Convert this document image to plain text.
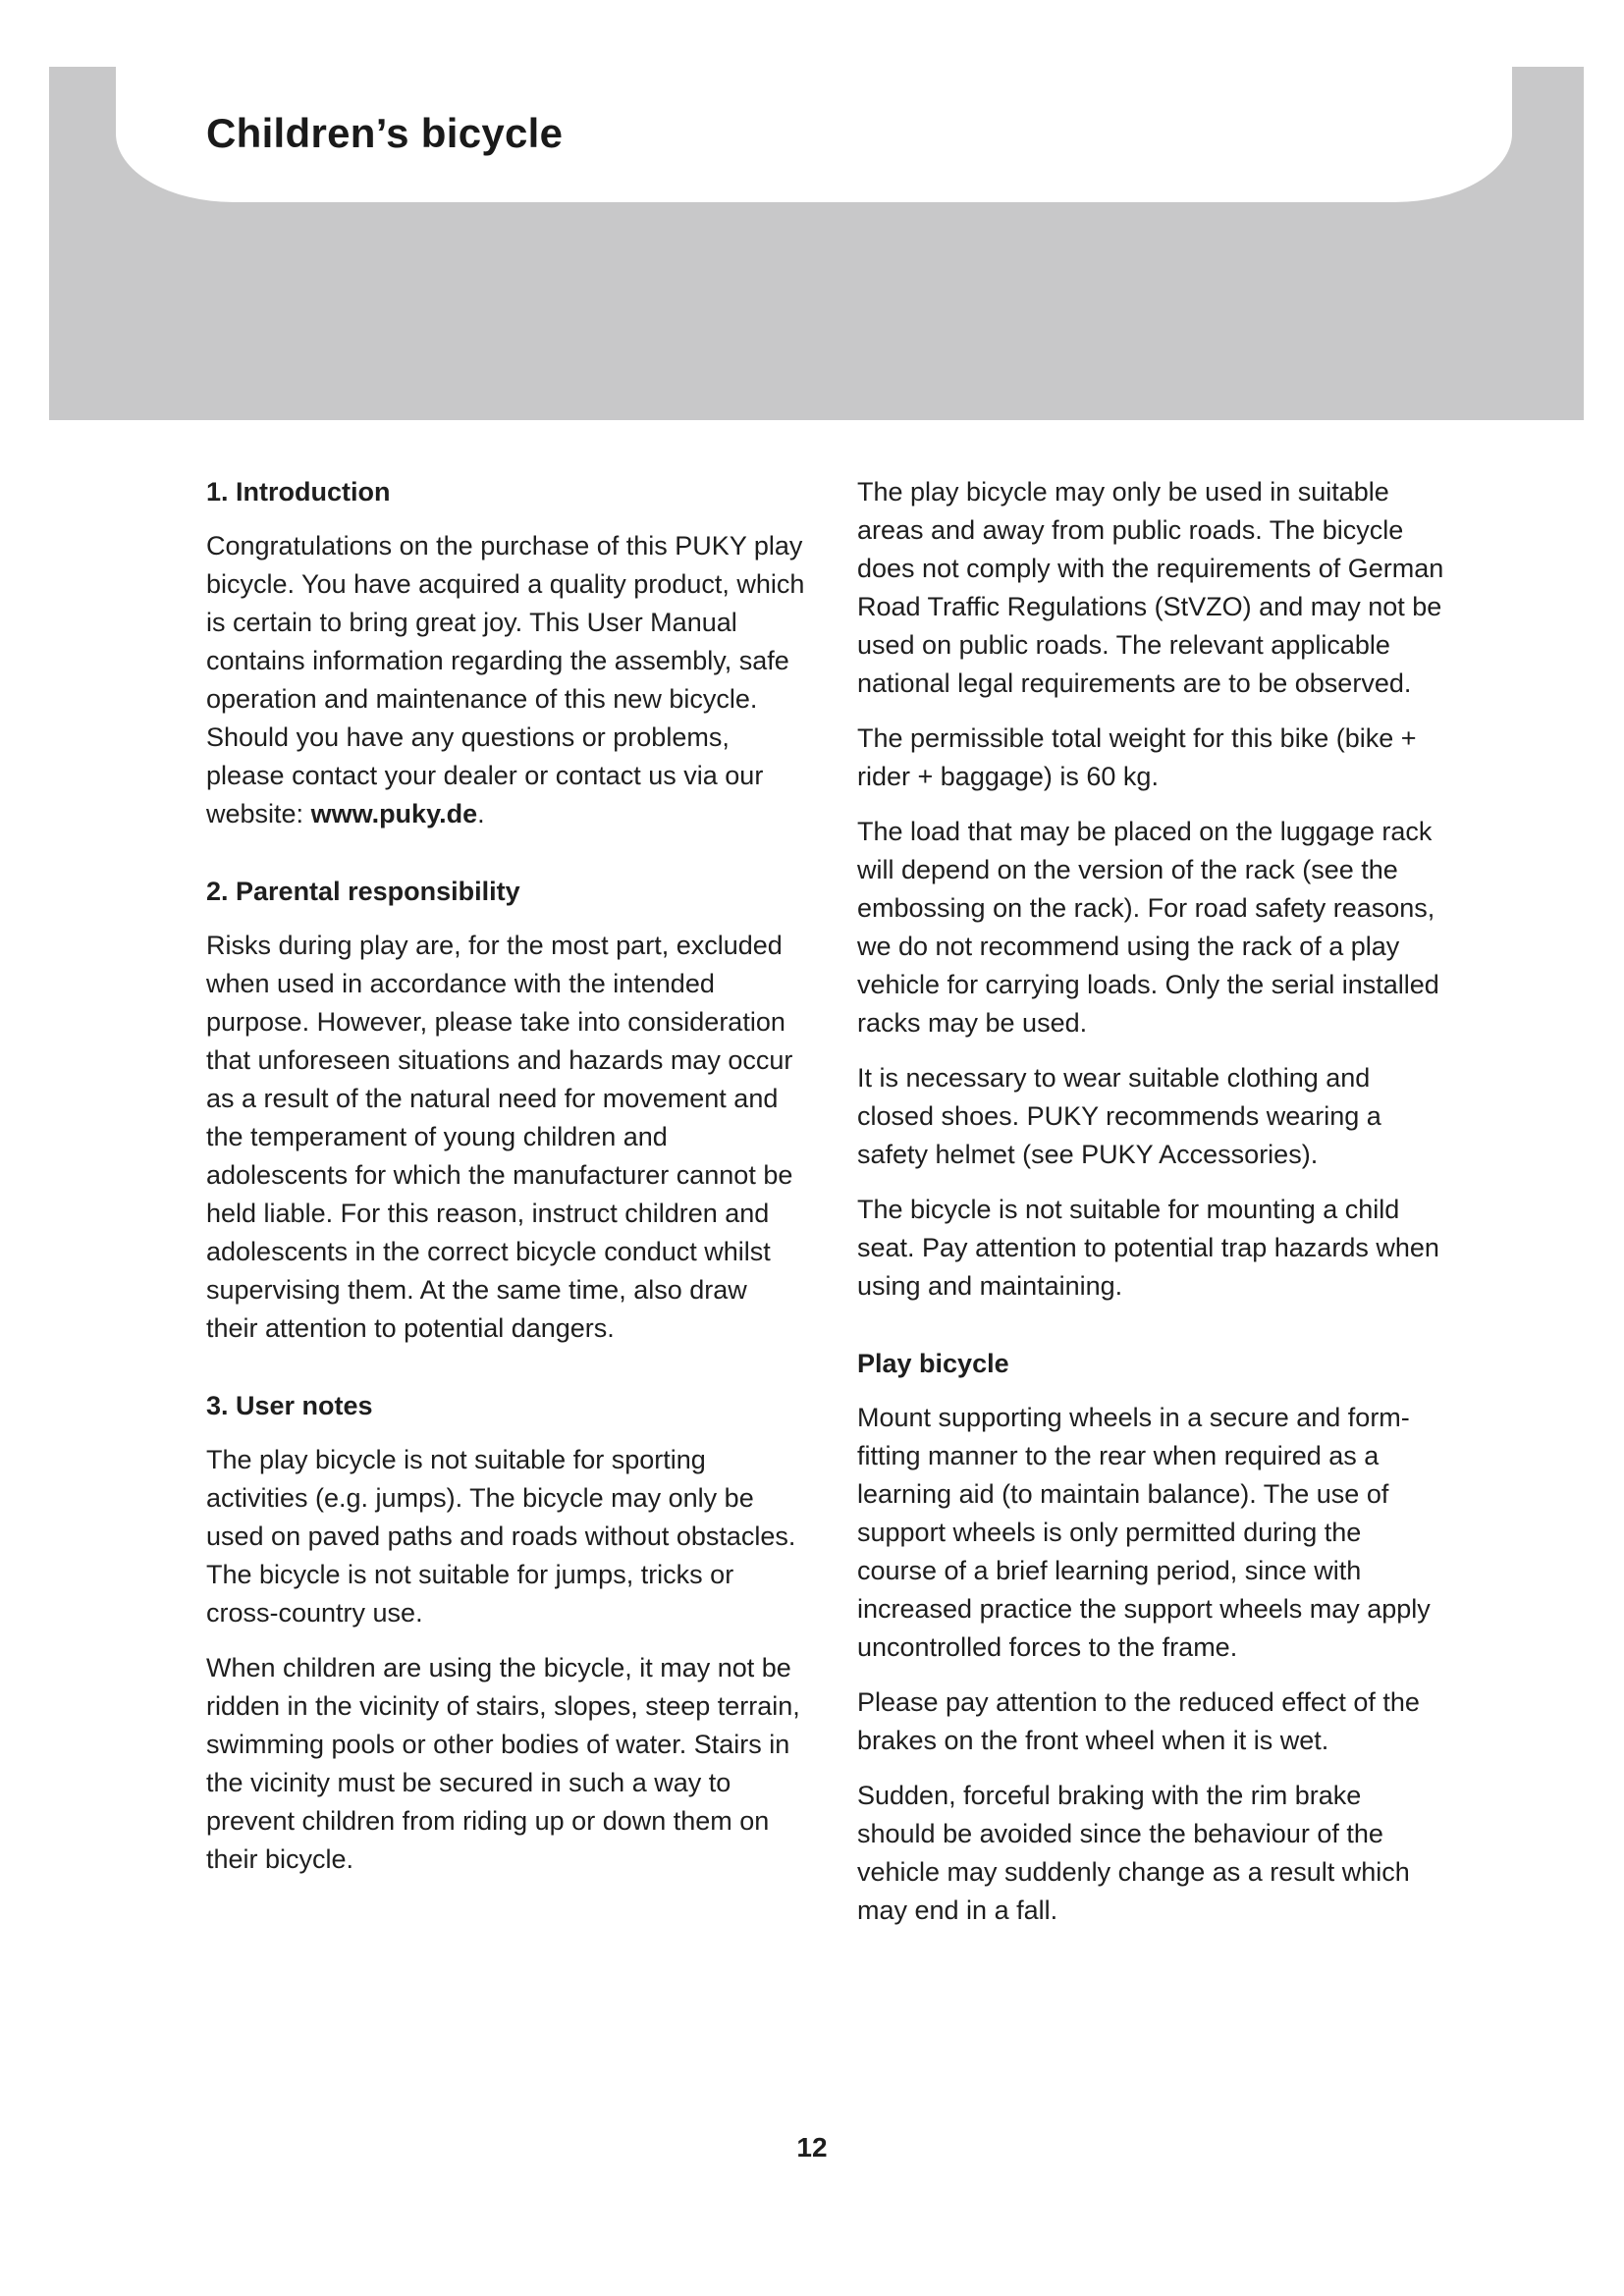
Children’s bicycle
1. Introduction

Congratulations on the purchase of this PUKY play bicycle. You have acquired a quality product, which is certain to bring great joy. This User Manual contains information regarding the assembly, safe operation and maintenance of this new bicycle. Should you have any questions or problems, please contact your dealer or contact us via our website: www.puky.de.

2. Parental responsibility

Risks during play are, for the most part, excluded when used in accordance with the intended purpose. However, please take into consideration that unforeseen situations and hazards may occur as a result of the natural need for movement and the temperament of young children and adolescents for which the manufacturer cannot be held liable. For this reason, instruct children and adolescents in the correct bicycle conduct whilst supervising them. At the same time, also draw their attention to potential dangers.

3. User notes

The play bicycle is not suitable for sporting activities (e.g. jumps). The bicycle may only be used on paved paths and roads without obstacles. The bicycle is not suitable for jumps, tricks or cross-country use.

When children are using the bicycle, it may not be ridden in the vicinity of stairs, slopes, steep terrain, swimming pools or other bodies of water. Stairs in the vicinity must be secured in such a way to prevent children from riding up or down them on their bicycle.

The play bicycle may only be used in suitable areas and away from public roads. The bicycle does not comply with the requirements of German Road Traffic Regulations (StVZO) and may not be used on public roads. The relevant applicable national legal requirements are to be observed.

The permissible total weight for this bike (bike + rider + baggage) is 60 kg.

The load that may be placed on the luggage rack will depend on the version of the rack (see the embossing on the rack). For road safety reasons, we do not recommend using the rack of a play vehicle for carrying loads. Only the serial installed racks may be used.

It is necessary to wear suitable clothing and closed shoes. PUKY recommends wearing a safety helmet (see PUKY Accessories).

The bicycle is not suitable for mounting a child seat. Pay attention to potential trap hazards when using and maintaining.

Play bicycle

Mount supporting wheels in a secure and form-fitting manner to the rear when required as a learning aid (to maintain balance). The use of support wheels is only permitted during the course of a brief learning period, since with increased practice the support wheels may apply uncontrolled forces to the frame.

Please pay attention to the reduced effect of the brakes on the front wheel when it is wet.

Sudden, forceful braking with the rim brake should be avoided since the behaviour of the vehicle may suddenly change as a result which may end in a fall.

12
